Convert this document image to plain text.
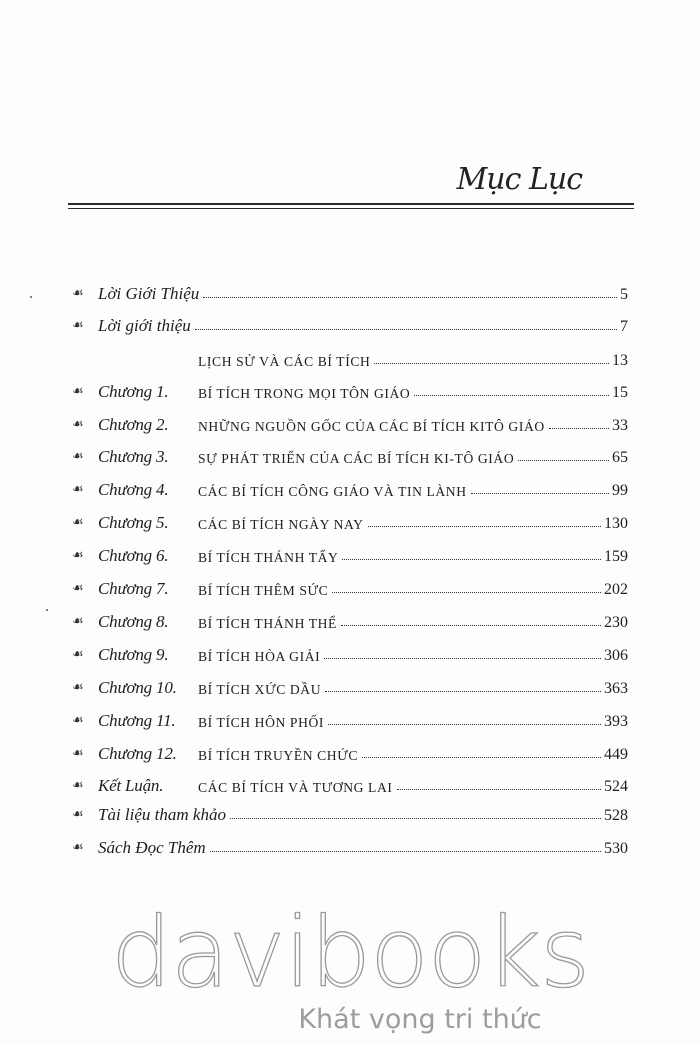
Mục Lục
☙ Lời Giới Thiệu	5
☙ Lời giới thiệu	7
LỊCH SỬ VÀ CÁC BÍ TÍCH	13
☙ Chương 1.	BÍ TÍCH TRONG MỌI TÔN GIÁO	15
☙ Chương 2.	NHỮNG NGUỒN GỐC CỦA CÁC BÍ TÍCH KITÔ GIÁO	33
☙ Chương 3.	SỰ PHÁT TRIỂN CỦA CÁC BÍ TÍCH KI-TÔ GIÁO	65
☙ Chương 4.	CÁC BÍ TÍCH CÔNG GIÁO VÀ TIN LÀNH	99
☙ Chương 5.	CÁC BÍ TÍCH NGÀY NAY	130
☙ Chương 6.	BÍ TÍCH THÁNH TẨY	159
☙ Chương 7.	BÍ TÍCH THÊM SỨC	202
☙ Chương 8.	BÍ TÍCH THÁNH THỂ	230
☙ Chương 9.	BÍ TÍCH HÒA GIẢI	306
☙ Chương 10.	BÍ TÍCH XỨC DẦU	363
☙ Chương 11.	BÍ TÍCH HÔN PHỐI	393
☙ Chương 12.	BÍ TÍCH TRUYỀN CHỨC	449
☙ Kết Luận.	CÁC BÍ TÍCH VÀ TƯƠNG LAI	524
☙ Tài liệu tham khảo	528
☙ Sách Đọc Thêm	530
davibooks
Khát vọng tri thức
